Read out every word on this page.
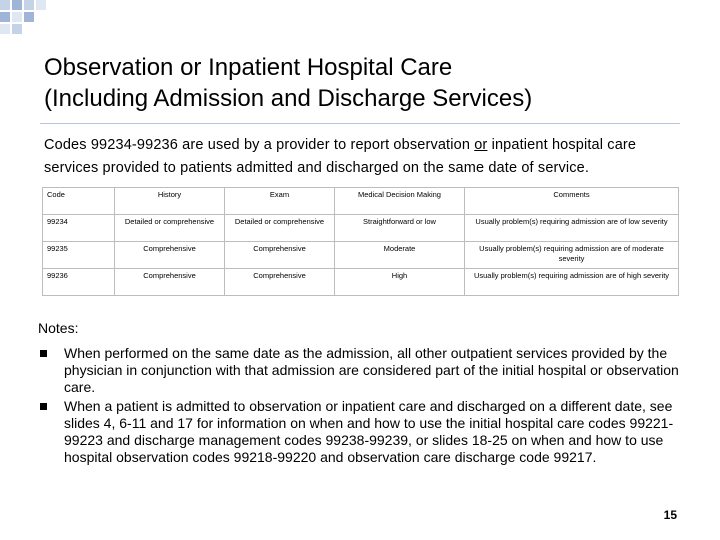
Observation or Inpatient Hospital Care
(Including Admission and Discharge Services)

Codes 99234-99236 are used by a provider to report observation or inpatient hospital care services provided to patients admitted and discharged on the same date of service.

Code	History	Exam	Medical Decision Making	Comments
99234	Detailed or comprehensive	Detailed or comprehensive	Straightforward or low	Usually problem(s) requiring admission are of low severity
99235	Comprehensive	Comprehensive	Moderate	Usually problem(s) requiring admission are of moderate severity
99236	Comprehensive	Comprehensive	High	Usually problem(s) requiring admission are of high severity
Notes:
When performed on the same date as the admission, all other outpatient services provided by the physician in conjunction with that admission are considered part of the initial hospital or observation care.
When a patient is admitted to observation or inpatient care and discharged on a different date, see slides 4, 6-11 and 17 for information on when and how to use the initial hospital care codes 99221-99223 and discharge management codes 99238-99239, or slides 18-25 on when and how to use hospital observation codes 99218-99220 and observation care discharge code 99217.
15
